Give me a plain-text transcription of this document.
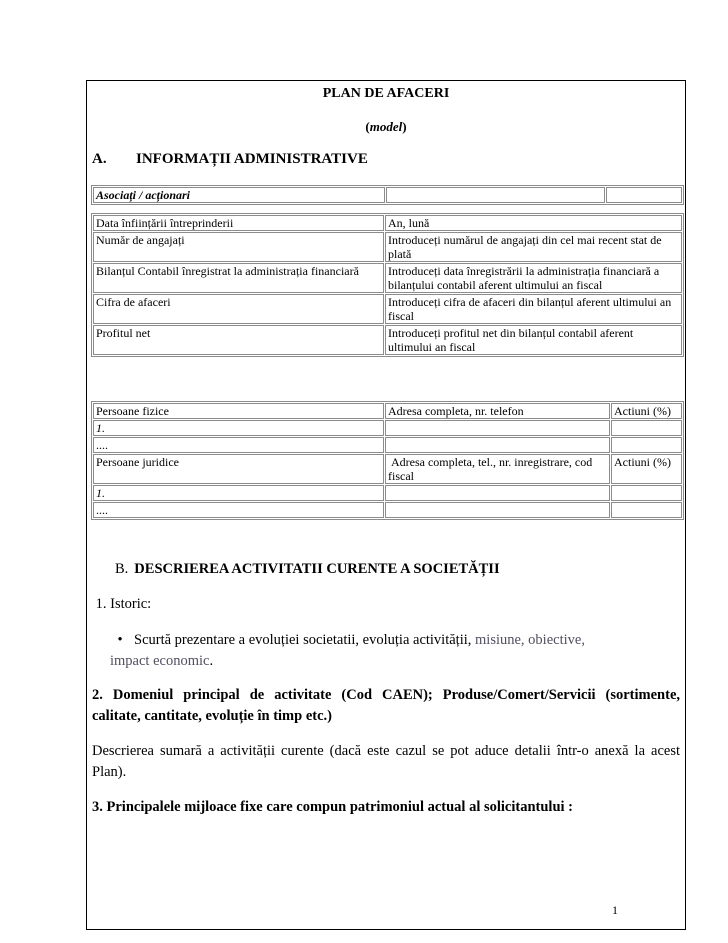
PLAN DE AFACERI
(model)
A. INFORMAȚII ADMINISTRATIVE
Asociați / acționari		
Data înființării întreprinderii	An, lună
Număr de angajați	Introduceți numărul de angajați din cel mai recent stat de plată
Bilanțul Contabil înregistrat la administrația financiară	Introduceți data înregistrării la administrația financiară a bilanțului contabil aferent ultimului an fiscal
Cifra de afaceri	Introduceți cifra de afaceri din bilanțul aferent ultimului an fiscal
Profitul net	Introduceți profitul net din bilanțul contabil aferent ultimului an fiscal
Persoane fizice	Adresa completa, nr. telefon	Actiuni (%)
1.		
....		
Persoane juridice	Adresa completa, tel., nr. inregistrare, cod fiscal	Actiuni (%)
1.		
....		
B. DESCRIEREA ACTIVITATII CURENTE A SOCIETĂȚII
1. Istoric:
• Scurtă prezentare a evoluției societatii, evoluția activității, misiune, obiective,
impact economic.
2. Domeniul principal de activitate (Cod CAEN); Produse/Comert/Servicii (sortimente, calitate, cantitate, evoluție în timp etc.)
Descrierea sumară a activității curente (dacă este cazul se pot aduce detalii într-o anexă la acest Plan).
3. Principalele mijloace fixe care compun patrimoniul actual al solicitantului :
1
